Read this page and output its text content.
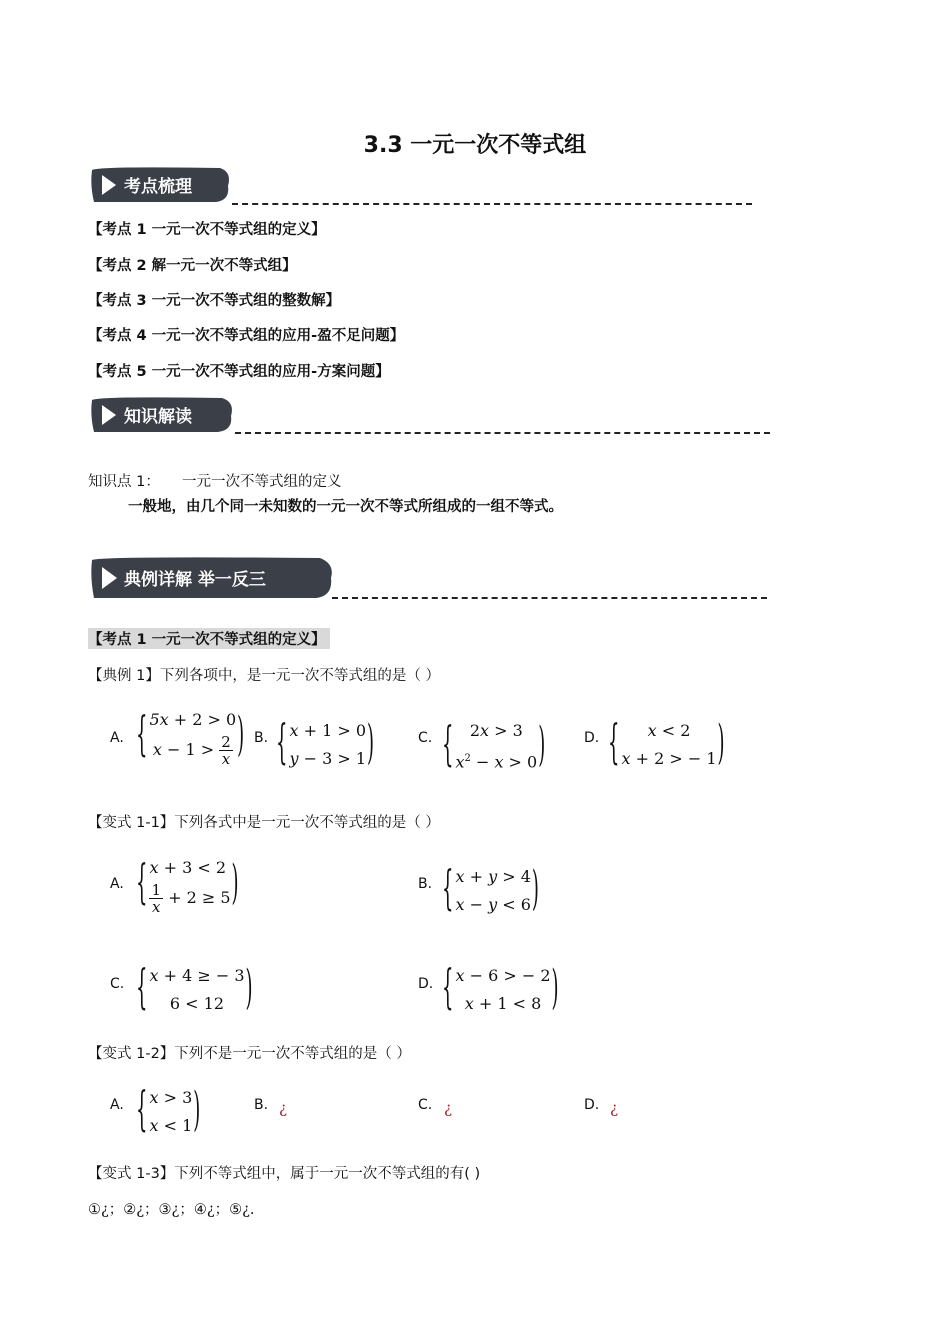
3.3 一元一次不等式组
考点梳理
【考点 1 一元一次不等式组的定义】
【考点 2 解一元一次不等式组】
【考点 3 一元一次不等式组的整数解】
【考点 4 一元一次不等式组的应用-盈不足问题】
【考点 5 一元一次不等式组的应用-方案问题】
知识解读
知识点 1： 一元一次不等式组的定义
一般地，由几个同一未知数的一元一次不等式所组成的一组不等式。
典例详解 举一反三
【考点 1 一元一次不等式组的定义】
【典例 1】下列各项中，是一元一次不等式组的是（ ）
A. { 5x + 2 > 0
$x - 1 > \frac{2}{x}$ ) B. { x + 1 > 0
y − 3 > 1 )	C. {	2x > 3
$x^2 - x > 0$ )	D. {	x < 2
x + 2 > − 1 )
【变式 1-1】下列各式中是一元一次不等式组的是（ ）
A. { x + 3 < 2
$\frac{1}{x} + 2 \ge 5$ )	B. { x + y > 4
x − y < 6 )
C. { x + 4 ≥ − 3
6 < 12	)	D. { x − 6 > − 2
x + 1 < 8 )
【变式 1-2】下列不是一元一次不等式组的是（ ）
A. { x > 3
x < 1 )	B. ¿	C. ¿	D. ¿
【变式 1-3】下列不等式组中，属于一元一次不等式组的有( )
①¿；②¿；③¿；④¿；⑤¿.
